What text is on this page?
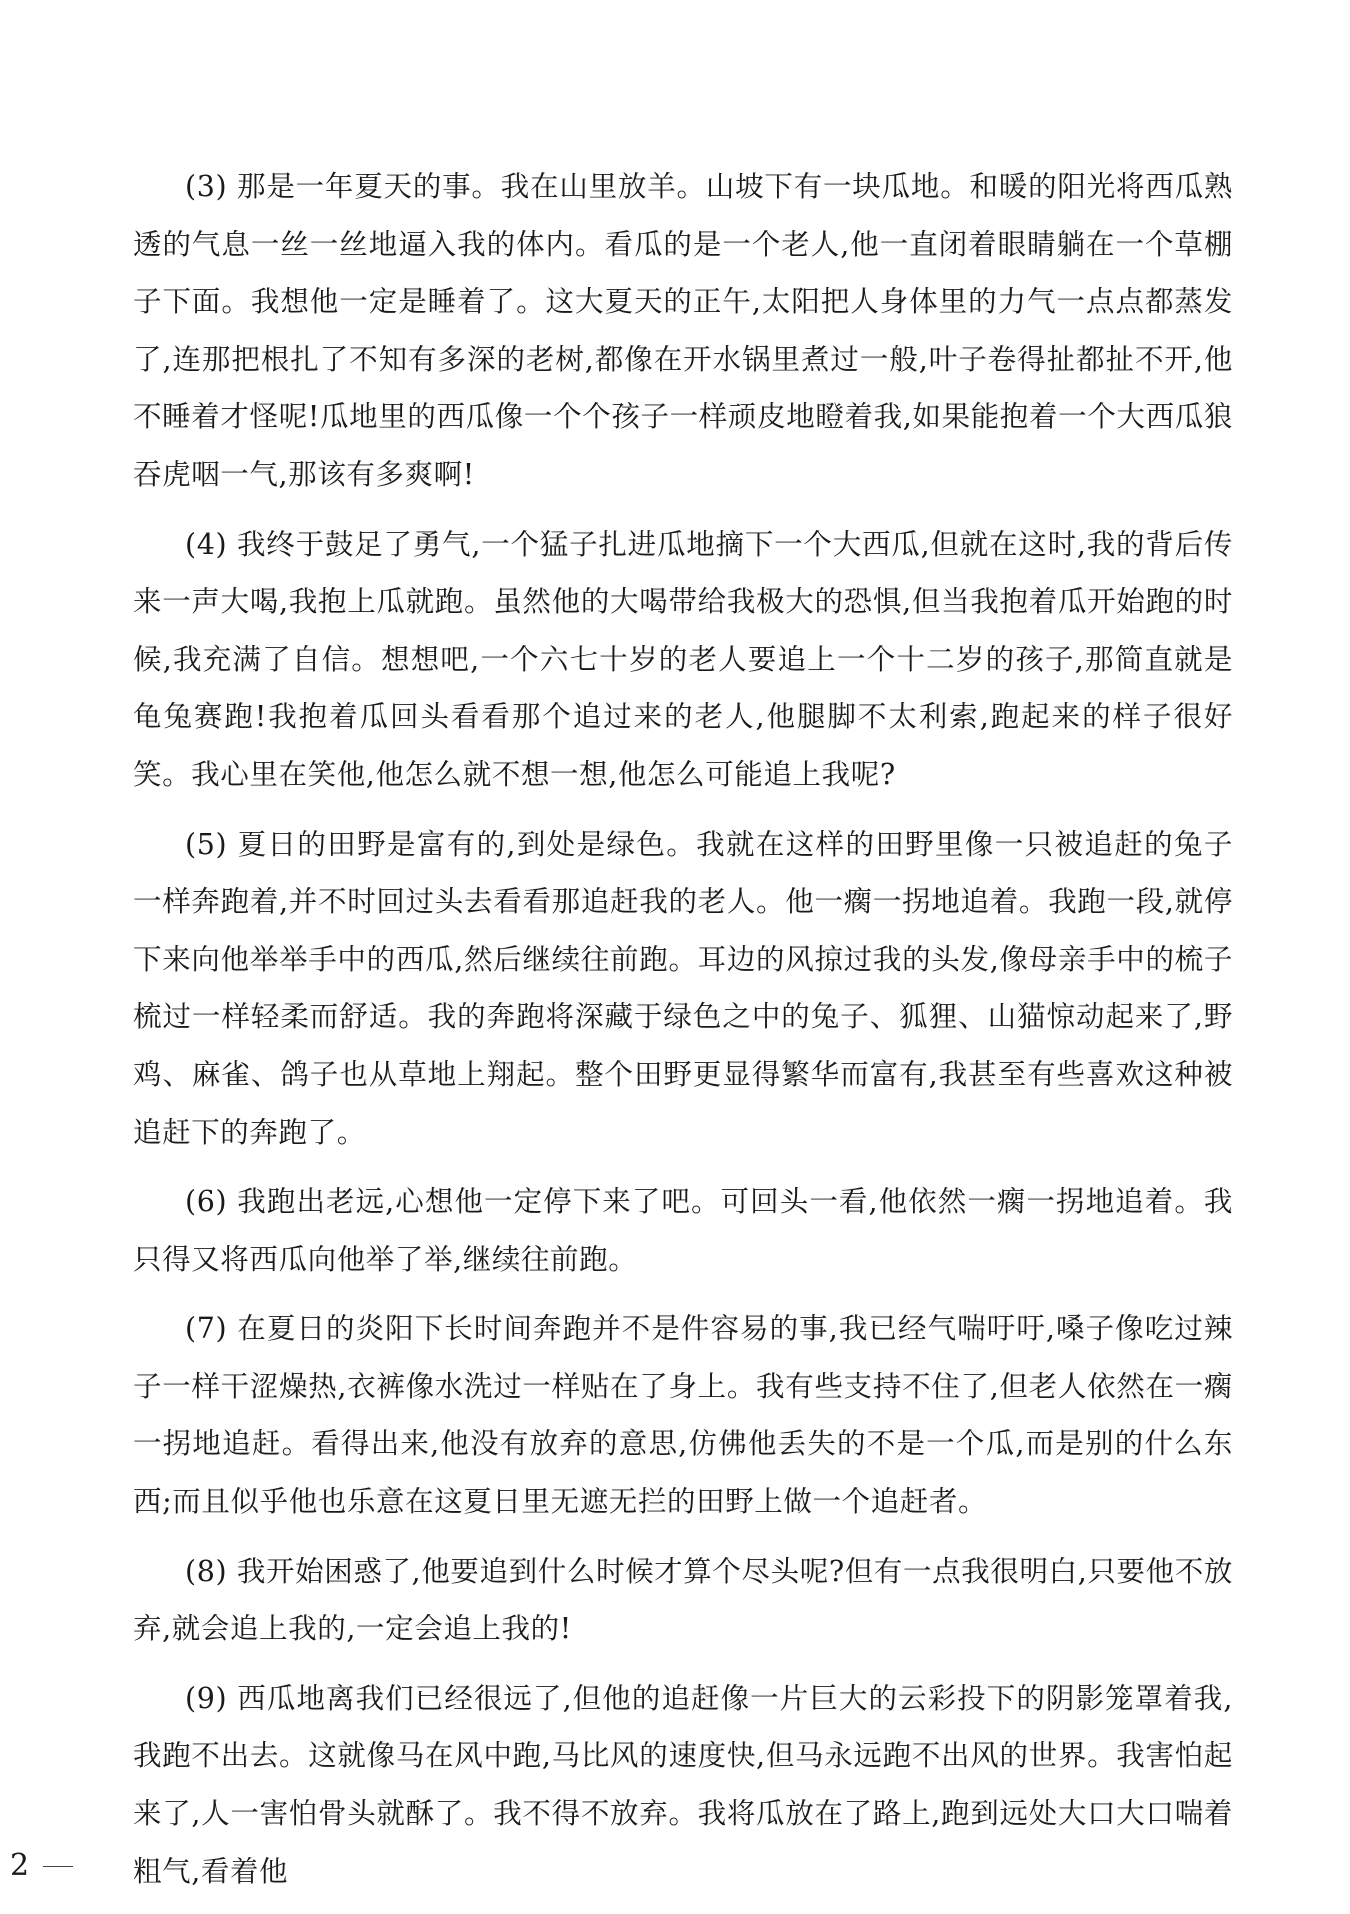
(3) 那是一年夏天的事。我在山里放羊。山坡下有一块瓜地。和暖的阳光将西瓜熟透的气息一丝一丝地逼入我的体内。看瓜的是一个老人,他一直闭着眼睛躺在一个草棚子下面。我想他一定是睡着了。这大夏天的正午,太阳把人身体里的力气一点点都蒸发了,连那把根扎了不知有多深的老树,都像在开水锅里煮过一般,叶子卷得扯都扯不开,他不睡着才怪呢!瓜地里的西瓜像一个个孩子一样顽皮地瞪着我,如果能抱着一个大西瓜狼吞虎咽一气,那该有多爽啊!

(4) 我终于鼓足了勇气,一个猛子扎进瓜地摘下一个大西瓜,但就在这时,我的背后传来一声大喝,我抱上瓜就跑。虽然他的大喝带给我极大的恐惧,但当我抱着瓜开始跑的时候,我充满了自信。想想吧,一个六七十岁的老人要追上一个十二岁的孩子,那简直就是龟兔赛跑!我抱着瓜回头看看那个追过来的老人,他腿脚不太利索,跑起来的样子很好笑。我心里在笑他,他怎么就不想一想,他怎么可能追上我呢?

(5) 夏日的田野是富有的,到处是绿色。我就在这样的田野里像一只被追赶的兔子一样奔跑着,并不时回过头去看看那追赶我的老人。他一瘸一拐地追着。我跑一段,就停下来向他举举手中的西瓜,然后继续往前跑。耳边的风掠过我的头发,像母亲手中的梳子梳过一样轻柔而舒适。我的奔跑将深藏于绿色之中的兔子、狐狸、山猫惊动起来了,野鸡、麻雀、鸽子也从草地上翔起。整个田野更显得繁华而富有,我甚至有些喜欢这种被追赶下的奔跑了。

(6) 我跑出老远,心想他一定停下来了吧。可回头一看,他依然一瘸一拐地追着。我只得又将西瓜向他举了举,继续往前跑。

(7) 在夏日的炎阳下长时间奔跑并不是件容易的事,我已经气喘吁吁,嗓子像吃过辣子一样干涩燥热,衣裤像水洗过一样贴在了身上。我有些支持不住了,但老人依然在一瘸一拐地追赶。看得出来,他没有放弃的意思,仿佛他丢失的不是一个瓜,而是别的什么东西;而且似乎他也乐意在这夏日里无遮无拦的田野上做一个追赶者。

(8) 我开始困惑了,他要追到什么时候才算个尽头呢?但有一点我很明白,只要他不放弃,就会追上我的,一定会追上我的!

(9) 西瓜地离我们已经很远了,但他的追赶像一片巨大的云彩投下的阴影笼罩着我,我跑不出去。这就像马在风中跑,马比风的速度快,但马永远跑不出风的世界。我害怕起来了,人一害怕骨头就酥了。我不得不放弃。我将瓜放在了路上,跑到远处大口大口喘着粗气,看着他

2
